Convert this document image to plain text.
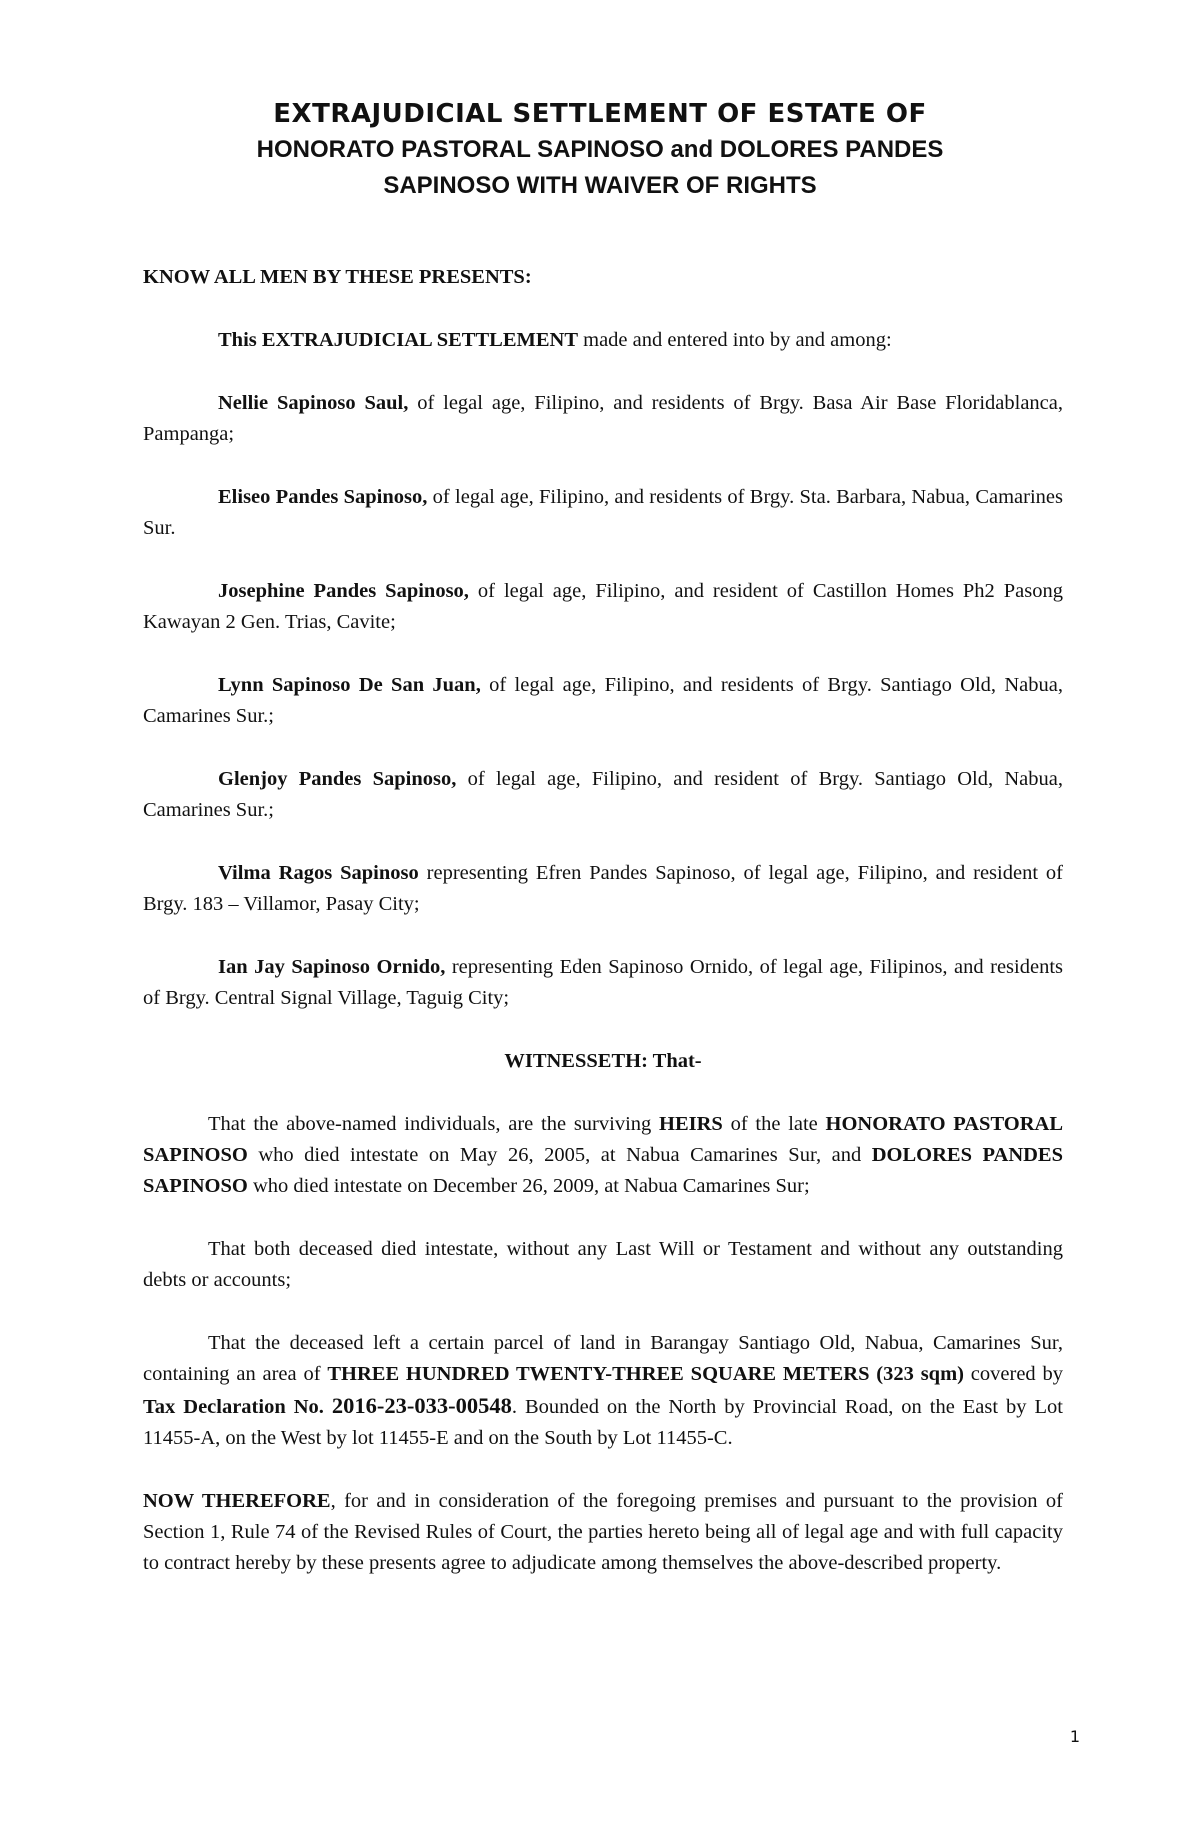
EXTRAJUDICIAL SETTLEMENT OF ESTATE OF
HONORATO PASTORAL SAPINOSO and DOLORES PANDES
SAPINOSO WITH WAIVER OF RIGHTS

KNOW ALL MEN BY THESE PRESENTS:

This EXTRAJUDICIAL SETTLEMENT made and entered into by and among:

Nellie Sapinoso Saul, of legal age, Filipino, and residents of Brgy. Basa Air Base Floridablanca, Pampanga;

Eliseo Pandes Sapinoso, of legal age, Filipino, and residents of Brgy. Sta. Barbara, Nabua, Camarines Sur.

Josephine Pandes Sapinoso, of legal age, Filipino, and resident of Castillon Homes Ph2 Pasong Kawayan 2 Gen. Trias, Cavite;

Lynn Sapinoso De San Juan, of legal age, Filipino, and residents of Brgy. Santiago Old, Nabua, Camarines Sur.;

Glenjoy Pandes Sapinoso, of legal age, Filipino, and resident of Brgy. Santiago Old, Nabua, Camarines Sur.;

Vilma Ragos Sapinoso representing Efren Pandes Sapinoso, of legal age, Filipino, and resident of Brgy. 183 – Villamor, Pasay City;

Ian Jay Sapinoso Ornido, representing Eden Sapinoso Ornido, of legal age, Filipinos, and residents of Brgy. Central Signal Village, Taguig City;

WITNESSETH: That-

That the above-named individuals, are the surviving HEIRS of the late HONORATO PASTORAL SAPINOSO who died intestate on May 26, 2005, at Nabua Camarines Sur, and DOLORES PANDES SAPINOSO who died intestate on December 26, 2009, at Nabua Camarines Sur;

That both deceased died intestate, without any Last Will or Testament and without any outstanding debts or accounts;

That the deceased left a certain parcel of land in Barangay Santiago Old, Nabua, Camarines Sur, containing an area of THREE HUNDRED TWENTY-THREE SQUARE METERS (323 sqm) covered by Tax Declaration No. 2016-23-033-00548. Bounded on the North by Provincial Road, on the East by Lot 11455-A, on the West by lot 11455-E and on the South by Lot 11455-C.

NOW THEREFORE, for and in consideration of the foregoing premises and pursuant to the provision of Section 1, Rule 74 of the Revised Rules of Court, the parties hereto being all of legal age and with full capacity to contract hereby by these presents agree to adjudicate among themselves the above-described property.

1
